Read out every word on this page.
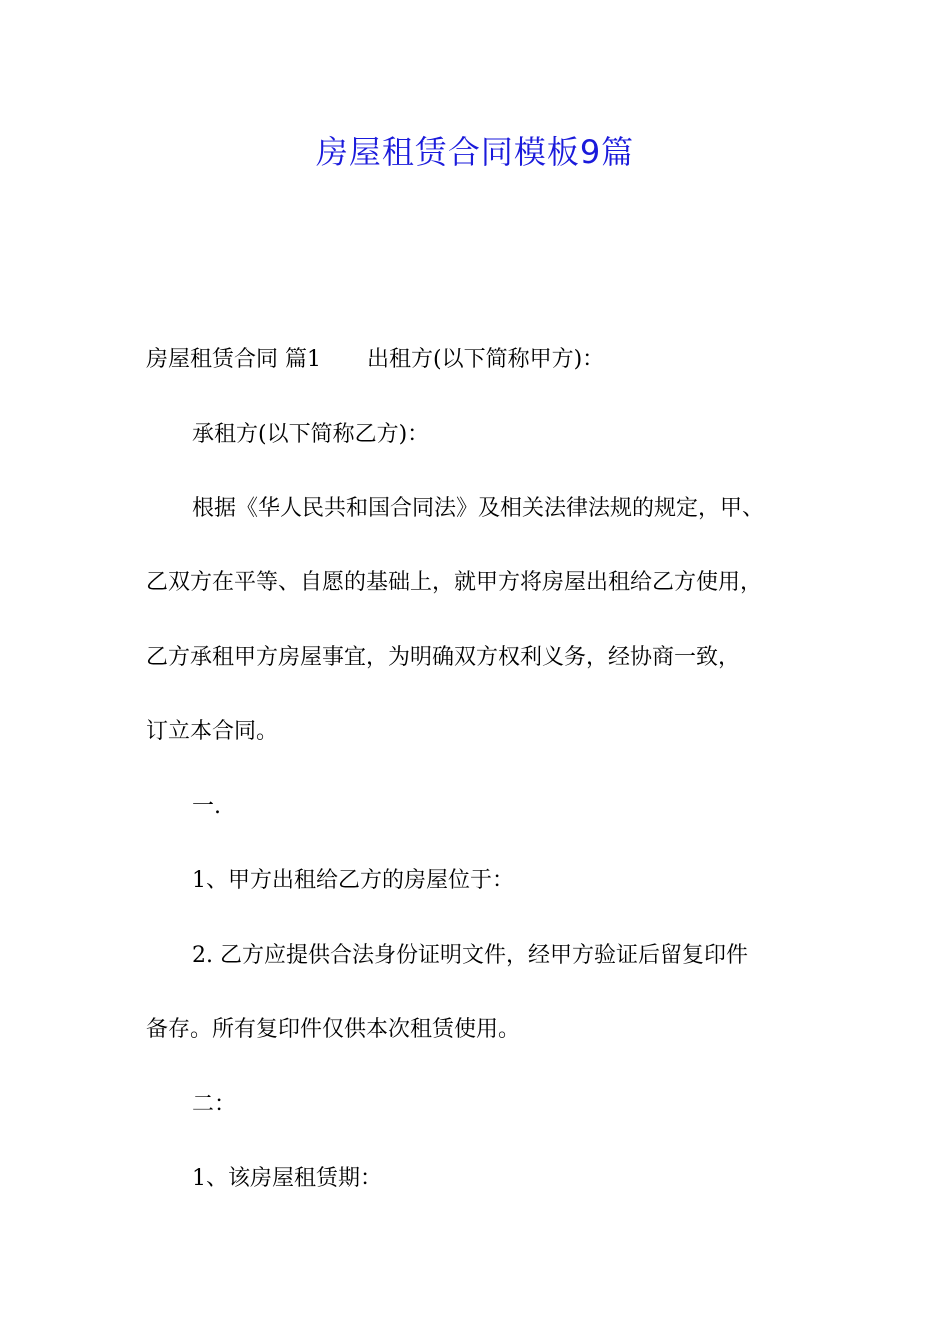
房屋租赁合同模板9篇
房屋租赁合同 篇1 出租方(以下简称甲方)：
承租方(以下简称乙方)：
根据《华人民共和国合同法》及相关法律法规的规定，甲、
乙双方在平等、自愿的基础上，就甲方将房屋出租给乙方使用，
乙方承租甲方房屋事宜，为明确双方权利义务，经协商一致，
订立本合同。
一.
1、甲方出租给乙方的房屋位于：
2. 乙方应提供合法身份证明文件，经甲方验证后留复印件
备存。所有复印件仅供本次租赁使用。
二：
1、该房屋租赁期：
